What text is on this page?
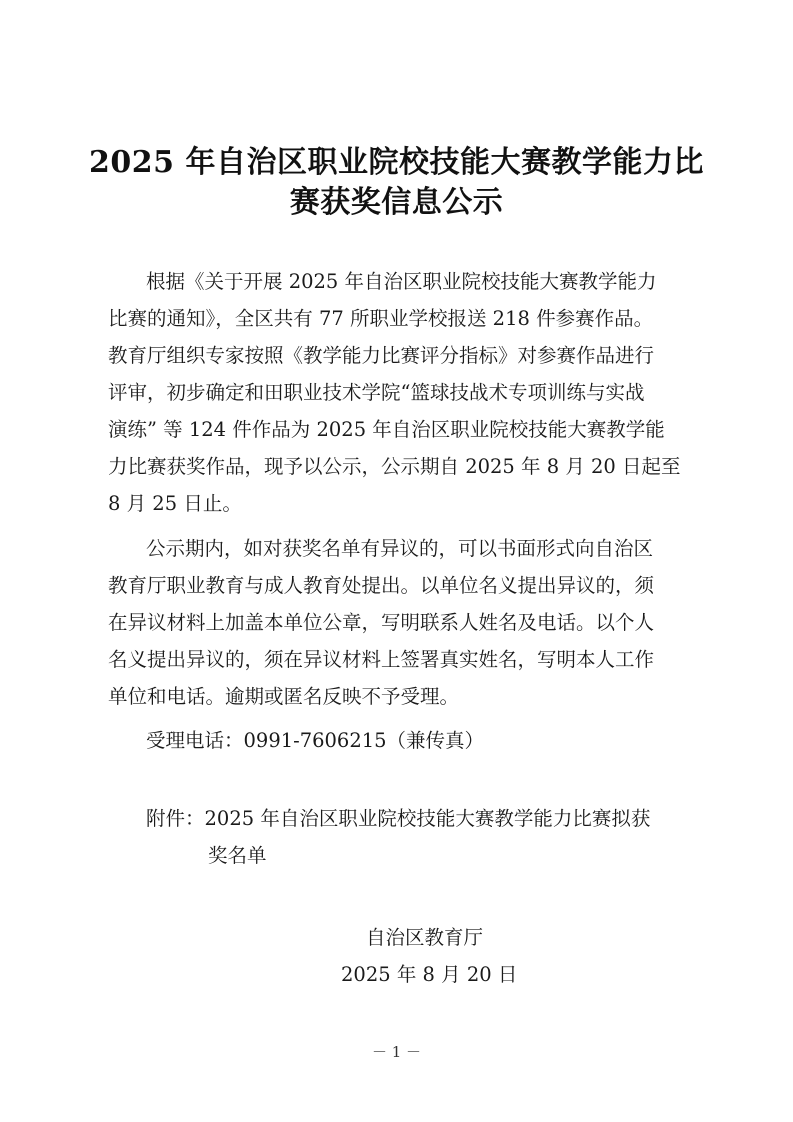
2025 年自治区职业院校技能大赛教学能力比
赛获奖信息公示
根据《关于开展 2025 年自治区职业院校技能大赛教学能力
比赛的通知》，全区共有 77 所职业学校报送 218 件参赛作品。
教育厅组织专家按照《教学能力比赛评分指标》对参赛作品进行
评审，初步确定和田职业技术学院“篮球技战术专项训练与实战
演练” 等 124 件作品为 2025 年自治区职业院校技能大赛教学能
力比赛获奖作品，现予以公示，公示期自 2025 年 8 月 20 日起至
8 月 25 日止。
公示期内，如对获奖名单有异议的，可以书面形式向自治区
教育厅职业教育与成人教育处提出。以单位名义提出异议的，须
在异议材料上加盖本单位公章，写明联系人姓名及电话。以个人
名义提出异议的，须在异议材料上签署真实姓名，写明本人工作
单位和电话。逾期或匿名反映不予受理。
受理电话：0991-7606215（兼传真）
附件：2025 年自治区职业院校技能大赛教学能力比赛拟获
奖名单
自治区教育厅
2025 年 8 月 20 日
－ 1 －
